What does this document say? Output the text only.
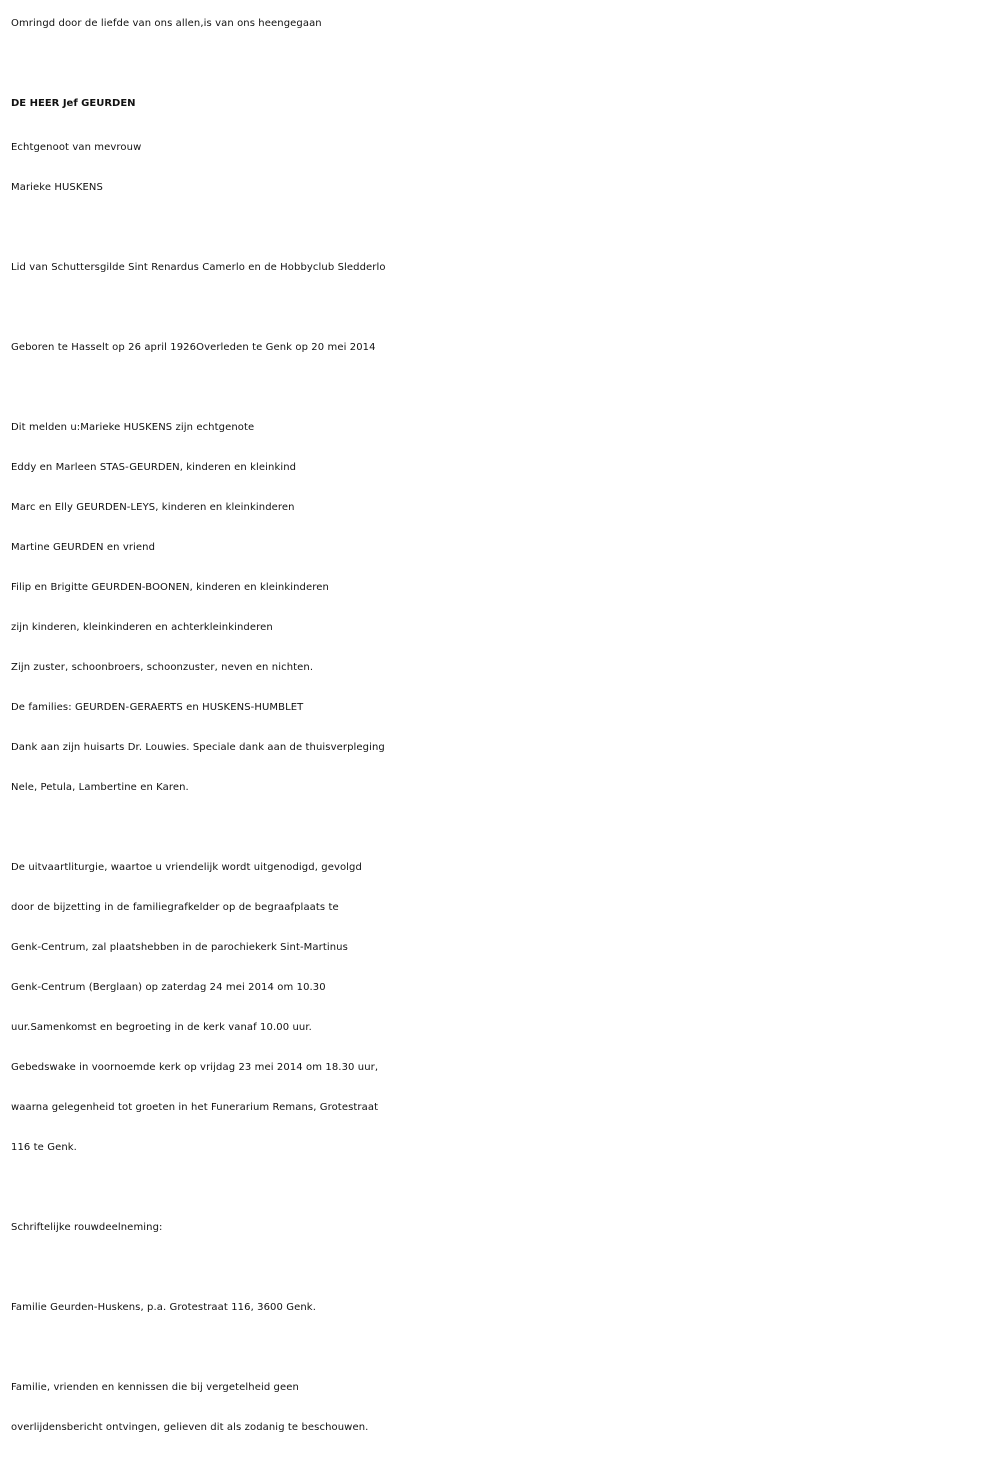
Omringd door de liefde van ons allen,is van ons heengegaan
DE HEER Jef GEURDEN
Echtgenoot van mevrouw
Marieke HUSKENS
Lid van Schuttersgilde Sint Renardus Camerlo en de Hobbyclub Sledderlo
Geboren te Hasselt op 26 april 1926Overleden te Genk op 20 mei 2014
Dit melden u:Marieke HUSKENS zijn echtgenote
Eddy en Marleen STAS-GEURDEN, kinderen en kleinkind
Marc en Elly GEURDEN-LEYS, kinderen en kleinkinderen
Martine GEURDEN en vriend
Filip en Brigitte GEURDEN-BOONEN, kinderen en kleinkinderen
zijn kinderen, kleinkinderen en achterkleinkinderen
Zijn zuster, schoonbroers, schoonzuster, neven en nichten.
De families: GEURDEN-GERAERTS en HUSKENS-HUMBLET
Dank aan zijn huisarts Dr. Louwies. Speciale dank aan de thuisverpleging
Nele, Petula, Lambertine en Karen.
De uitvaartliturgie, waartoe u vriendelijk wordt uitgenodigd, gevolgd
door de bijzetting in de familiegrafkelder op de begraafplaats te
Genk-Centrum, zal plaatshebben in de parochiekerk Sint-Martinus
Genk-Centrum (Berglaan) op zaterdag 24 mei 2014 om 10.30
uur.Samenkomst en begroeting in de kerk vanaf 10.00 uur.
Gebedswake in voornoemde kerk op vrijdag 23 mei 2014 om 18.30 uur,
waarna gelegenheid tot groeten in het Funerarium Remans, Grotestraat
116 te Genk.
Schriftelijke rouwdeelneming:
Familie Geurden-Huskens, p.a. Grotestraat 116, 3600 Genk.
Familie, vrienden en kennissen die bij vergetelheid geen
overlijdensbericht ontvingen, gelieven dit als zodanig te beschouwen.
